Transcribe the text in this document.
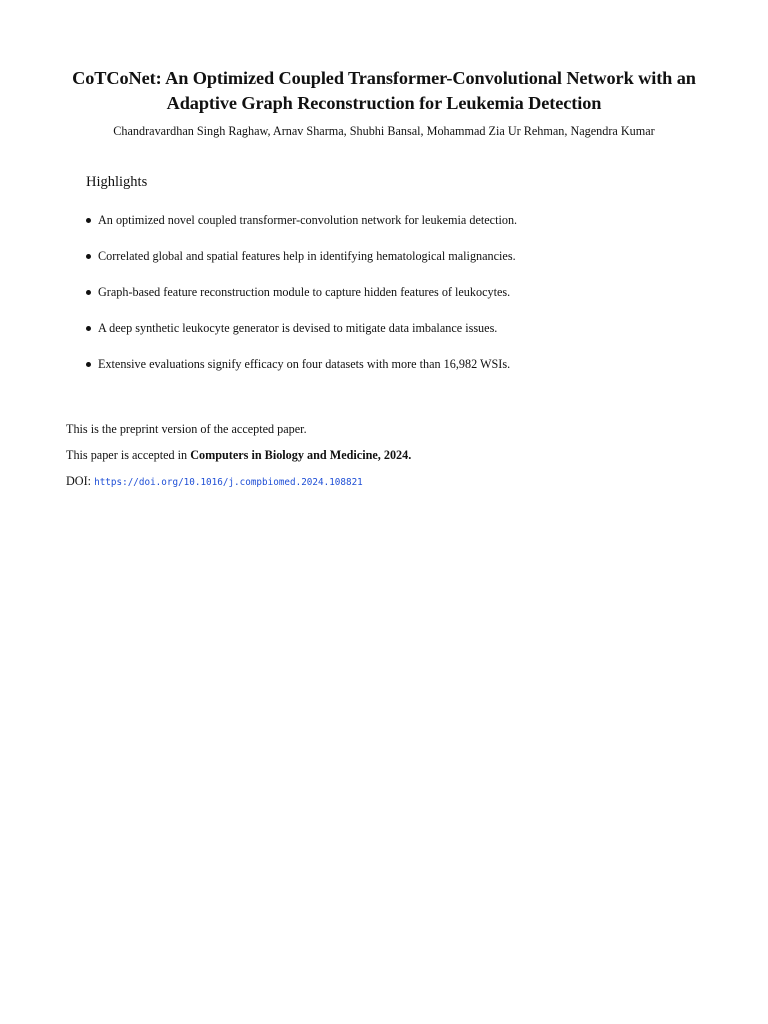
CoTCoNet: An Optimized Coupled Transformer-Convolutional Network with an
Adaptive Graph Reconstruction for Leukemia Detection
Chandravardhan Singh Raghaw, Arnav Sharma, Shubhi Bansal, Mohammad Zia Ur Rehman, Nagendra Kumar
Highlights
An optimized novel coupled transformer-convolution network for leukemia detection.
Correlated global and spatial features help in identifying hematological malignancies.
Graph-based feature reconstruction module to capture hidden features of leukocytes.
A deep synthetic leukocyte generator is devised to mitigate data imbalance issues.
Extensive evaluations signify efficacy on four datasets with more than 16,982 WSIs.
This is the preprint version of the accepted paper.
This paper is accepted in Computers in Biology and Medicine, 2024.
DOI: https://doi.org/10.1016/j.compbiomed.2024.108821
